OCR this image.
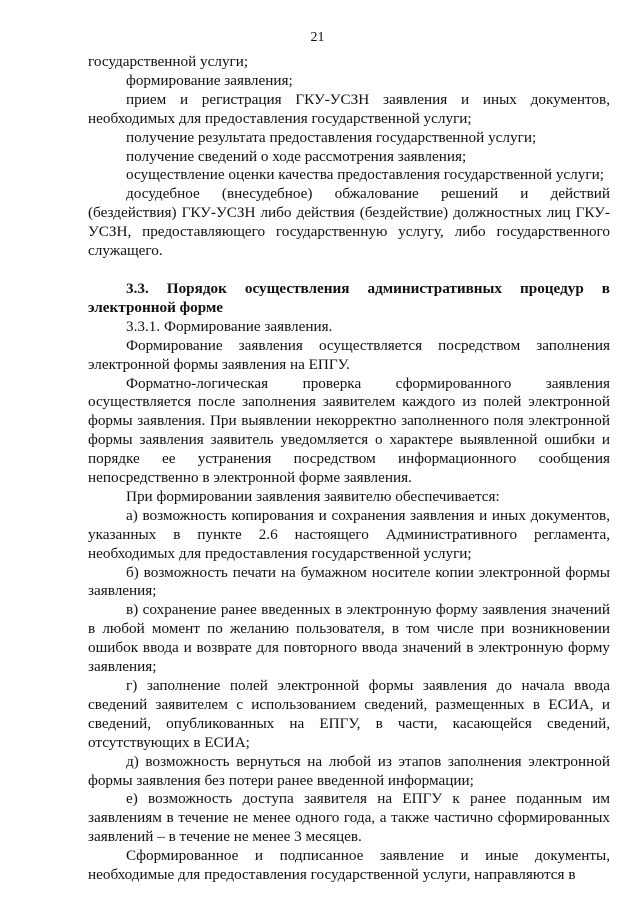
21

государственной услуги;

формирование заявления;

прием и регистрация ГКУ-УСЗН заявления и иных документов, необходимых для предоставления государственной услуги;

получение результата предоставления государственной услуги;

получение сведений о ходе рассмотрения заявления;

осуществление оценки качества предоставления государственной услуги;

досудебное (внесудебное) обжалование решений и действий (бездействия) ГКУ-УСЗН либо действия (бездействие) должностных лиц ГКУ-УСЗН, предоставляющего государственную услугу, либо государственного служащего.

3.3. Порядок осуществления административных процедур в электронной форме

3.3.1. Формирование заявления.

Формирование заявления осуществляется посредством заполнения электронной формы заявления на ЕПГУ.

Форматно-логическая проверка сформированного заявления осуществляется после заполнения заявителем каждого из полей электронной формы заявления. При выявлении некорректно заполненного поля электронной формы заявления заявитель уведомляется о характере выявленной ошибки и порядке ее устранения посредством информационного сообщения непосредственно в электронной форме заявления.

При формировании заявления заявителю обеспечивается:

а) возможность копирования и сохранения заявления и иных документов, указанных в пункте 2.6 настоящего Административного регламента, необходимых для предоставления государственной услуги;

б) возможность печати на бумажном носителе копии электронной формы заявления;

в) сохранение ранее введенных в электронную форму заявления значений в любой момент по желанию пользователя, в том числе при возникновении ошибок ввода и возврате для повторного ввода значений в электронную форму заявления;

г) заполнение полей электронной формы заявления до начала ввода сведений заявителем с использованием сведений, размещенных в ЕСИА, и сведений, опубликованных на ЕПГУ, в части, касающейся сведений, отсутствующих в ЕСИА;

д) возможность вернуться на любой из этапов заполнения электронной формы заявления без потери ранее введенной информации;

е) возможность доступа заявителя на ЕПГУ к ранее поданным им заявлениям в течение не менее одного года, а также частично сформированных заявлений – в течение не менее 3 месяцев.

Сформированное и подписанное заявление и иные документы, необходимые для предоставления государственной услуги, направляются в
